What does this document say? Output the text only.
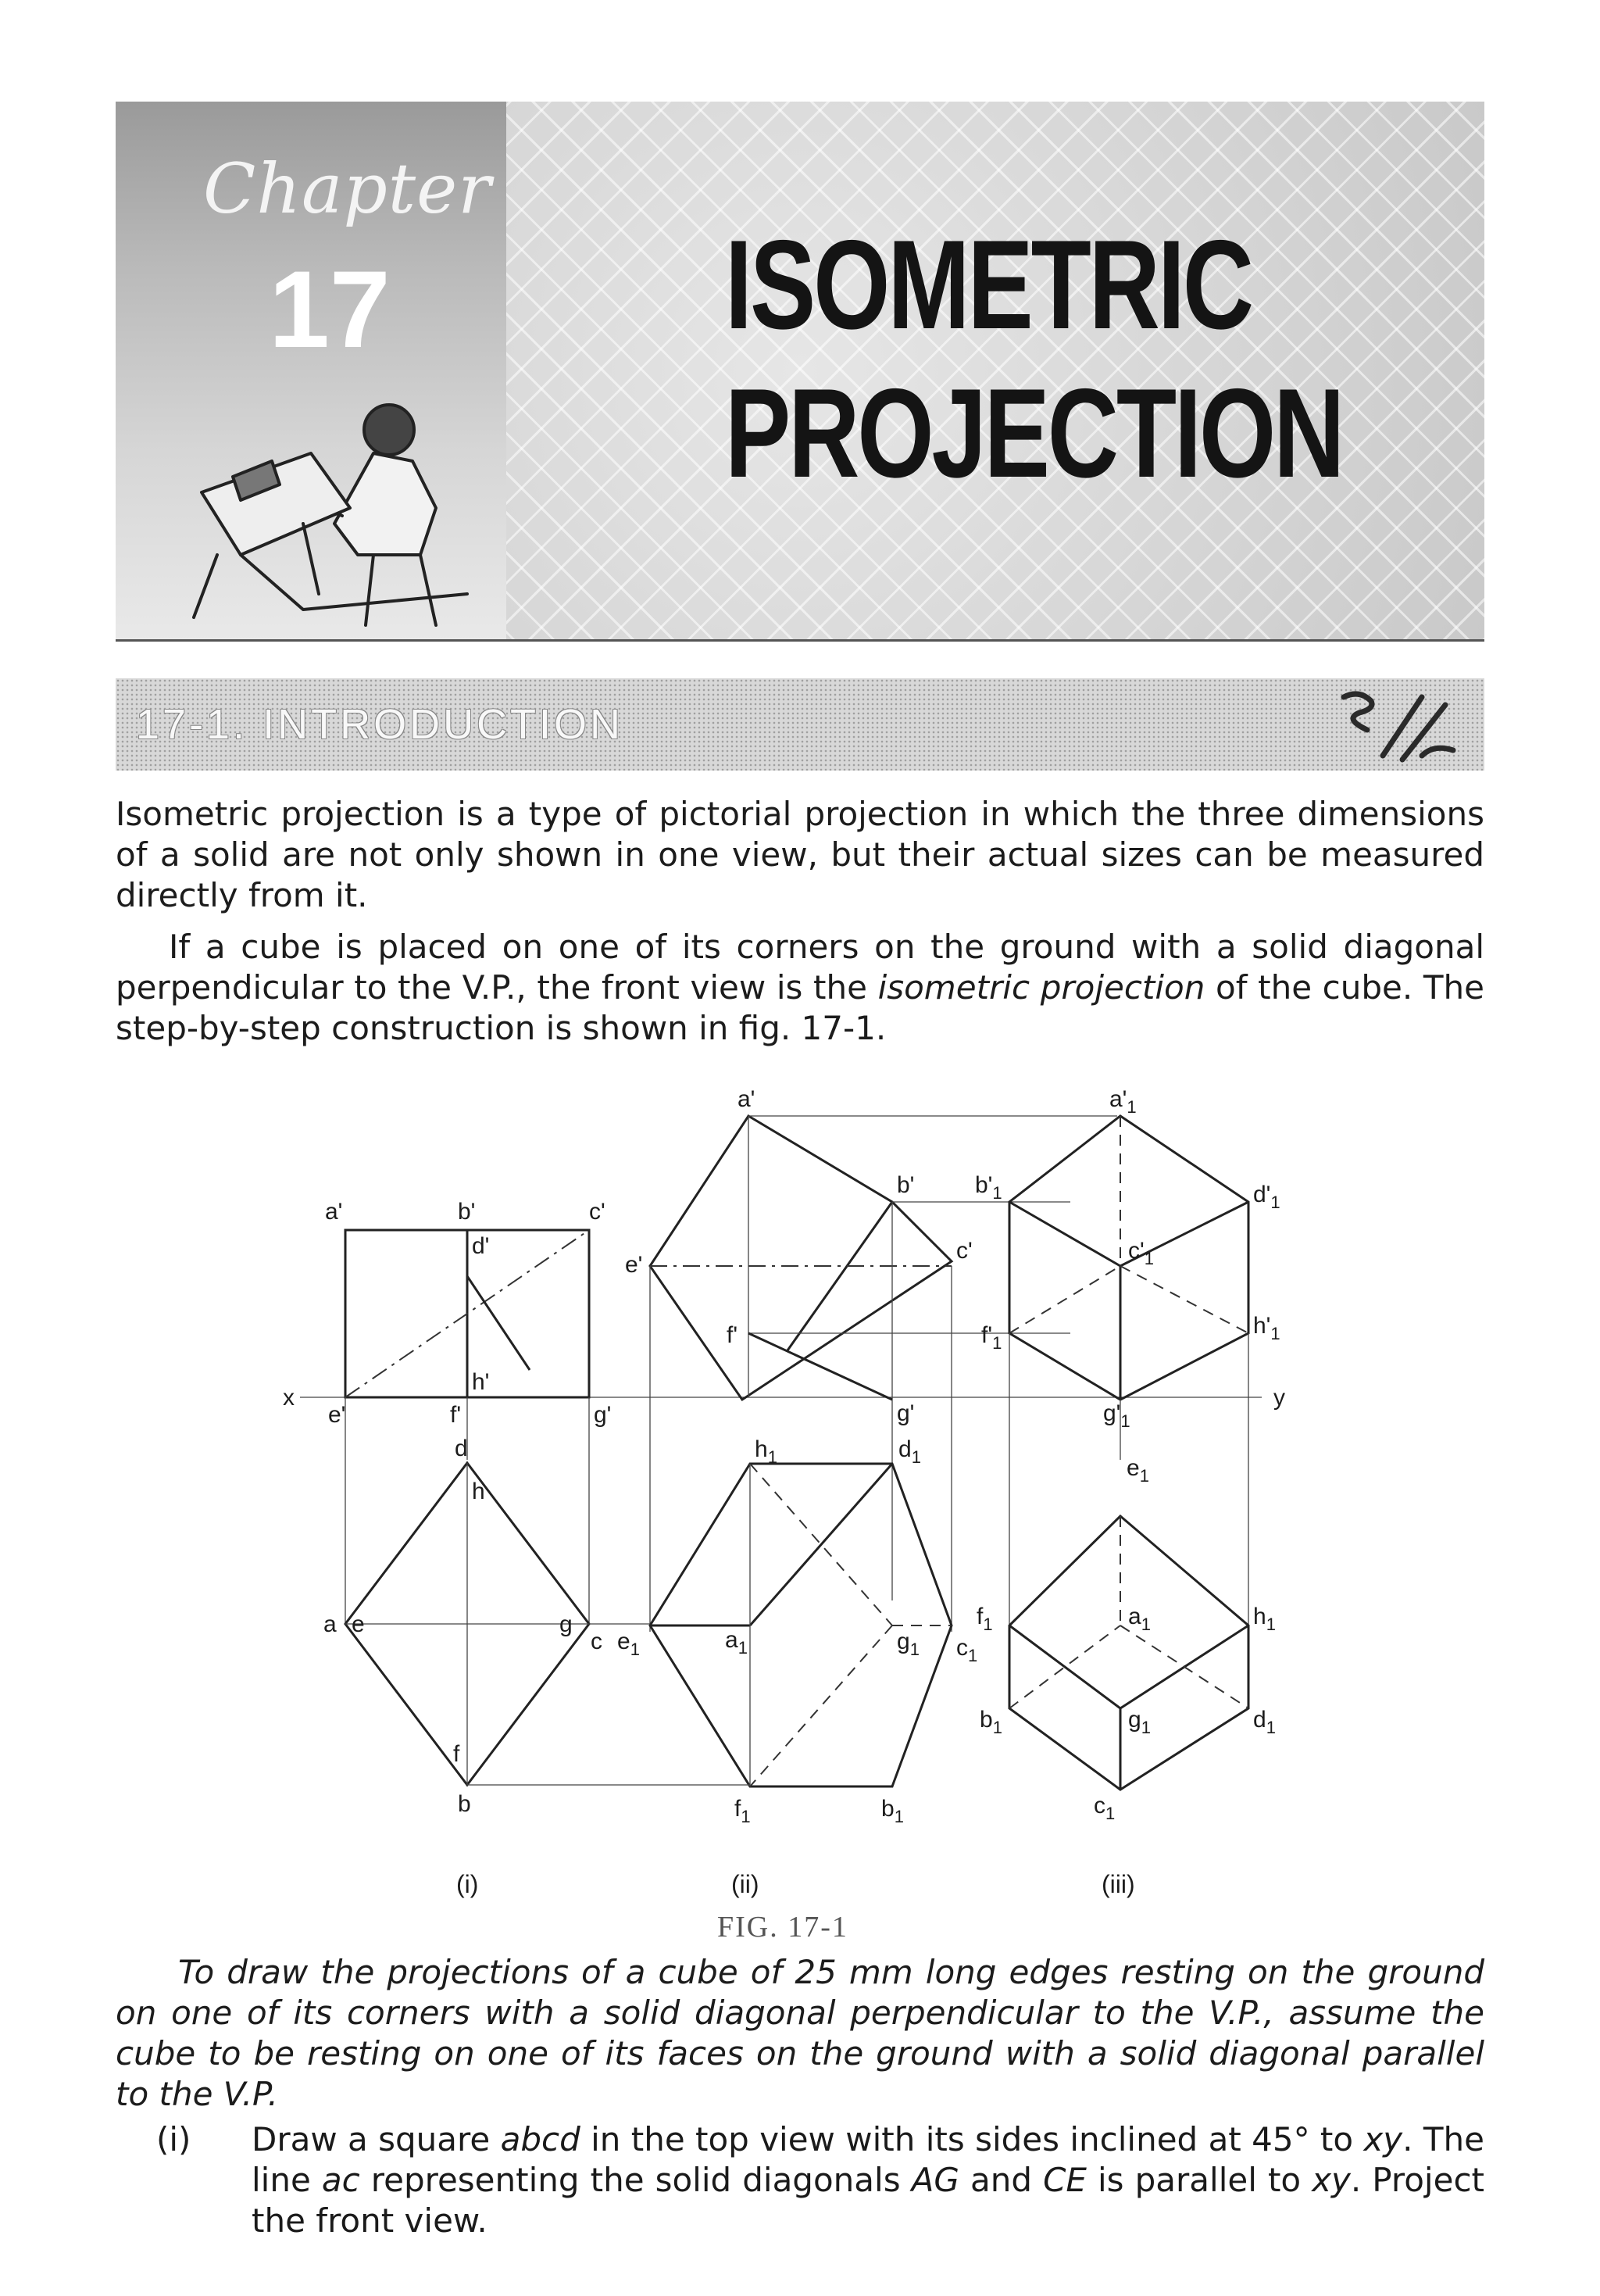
Chapter
17	ISOMETRIC
PROJECTION
17-1. INTRODUCTION

Isometric projection is a type of pictorial projection in which the three dimensions of a solid are not only shown in one view, but their actual sizes can be measured directly from it.

If a cube is placed on one of its corners on the ground with a solid diagonal perpendicular to the V.P., the front view is the isometric projection of the cube. The step-by-step construction is shown in fig. 17-1.

x	y
a'	b'	c'
d'
e'	f'	g'
h'
d
h
a e	g
c
f
b
a'
b'
c'
e'
f'
g'
h1	d1
e1	a1	g1 c1
f1	b1
a'1
b'1	d'1
c'1
f'1
h'1
g'1
e1
f1	a1	h1
b1	g1	d1
c1
(i)	(ii)	(iii)
FIG. 17-1

To draw the projections of a cube of 25 mm long edges resting on the ground on one of its corners with a solid diagonal perpendicular to the V.P., assume the cube to be resting on one of its faces on the ground with a solid diagonal parallel to the V.P.

(i) Draw a square abcd in the top view with its sides inclined at 45° to xy. The line ac representing the solid diagonals AG and CE is parallel to xy. Project the front view.
